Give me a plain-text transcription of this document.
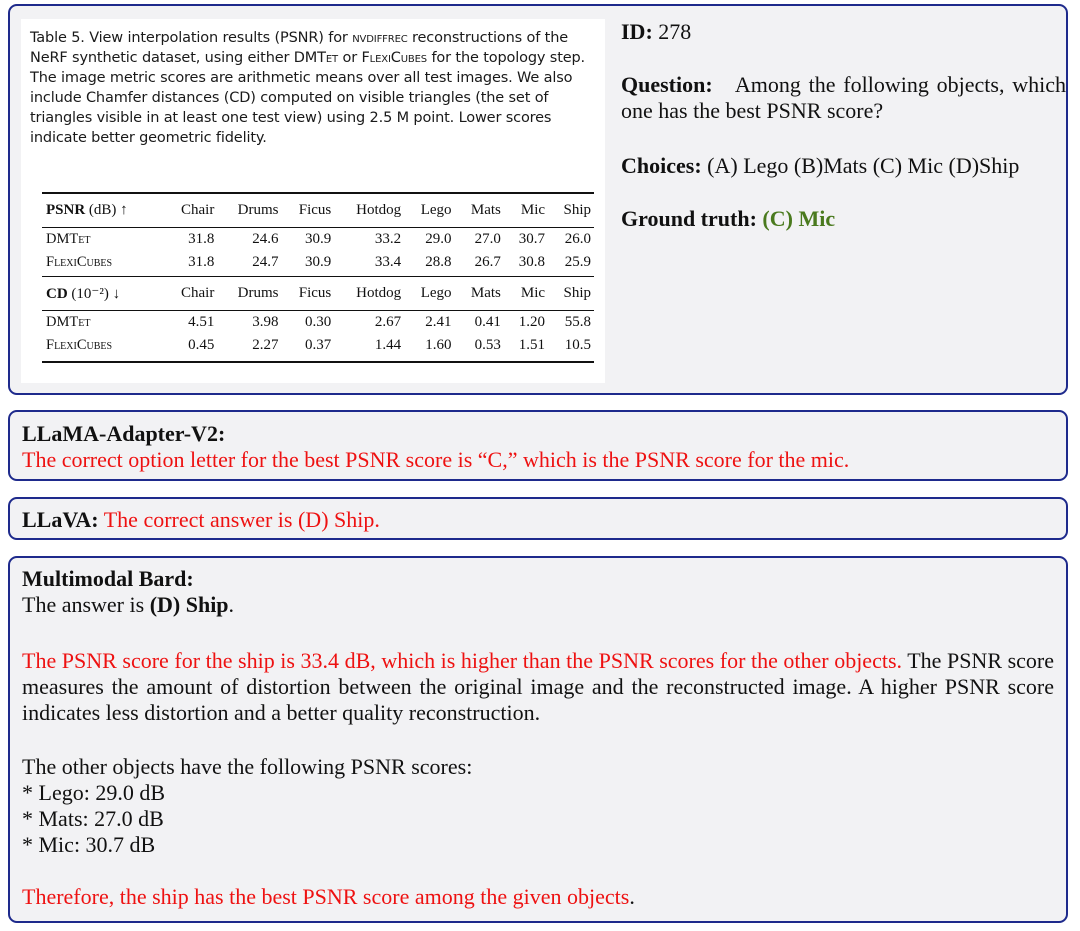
Table 5. View interpolation results (PSNR) for nvdiffrec reconstructions of the NeRF synthetic dataset, using either DMTet or FlexiCubes for the topology step. The image metric scores are arithmetic means over all test images. We also include Chamfer distances (CD) computed on visible triangles (the set of triangles visible in at least one test view) using 2.5 M point. Lower scores indicate better geometric fidelity.

PSNR (dB) ↑	Chair	Drums	Ficus	Hotdog	Lego	Mats	Mic	Ship
DMTet	31.8	24.6	30.9	33.2	29.0	27.0	30.7	26.0
FlexiCubes	31.8	24.7	30.9	33.4	28.8	26.7	30.8	25.9
CD (10⁻²) ↓	Chair	Drums	Ficus	Hotdog	Lego	Mats	Mic	Ship
DMTet	4.51	3.98	0.30	2.67	2.41	0.41	1.20	55.8
FlexiCubes	0.45	2.27	0.37	1.44	1.60	0.53	1.51	10.5

ID: 278

Question: Among the following objects, which one has the best PSNR score?

Choices: (A) Lego (B)Mats (C) Mic (D)Ship

Ground truth: (C) Mic

LLaMA-Adapter-V2:

The correct option letter for the best PSNR score is “C,” which is the PSNR score for the mic.

LLaVA: The correct answer is (D) Ship.

Multimodal Bard:

The answer is (D) Ship.

The PSNR score for the ship is 33.4 dB, which is higher than the PSNR scores for the other objects. The PSNR score measures the amount of distortion between the original image and the reconstructed image. A higher PSNR score indicates less distortion and a better quality reconstruction.

The other objects have the following PSNR scores:

* Lego: 29.0 dB
* Mats: 27.0 dB
* Mic: 30.7 dB

Therefore, the ship has the best PSNR score among the given objects.
